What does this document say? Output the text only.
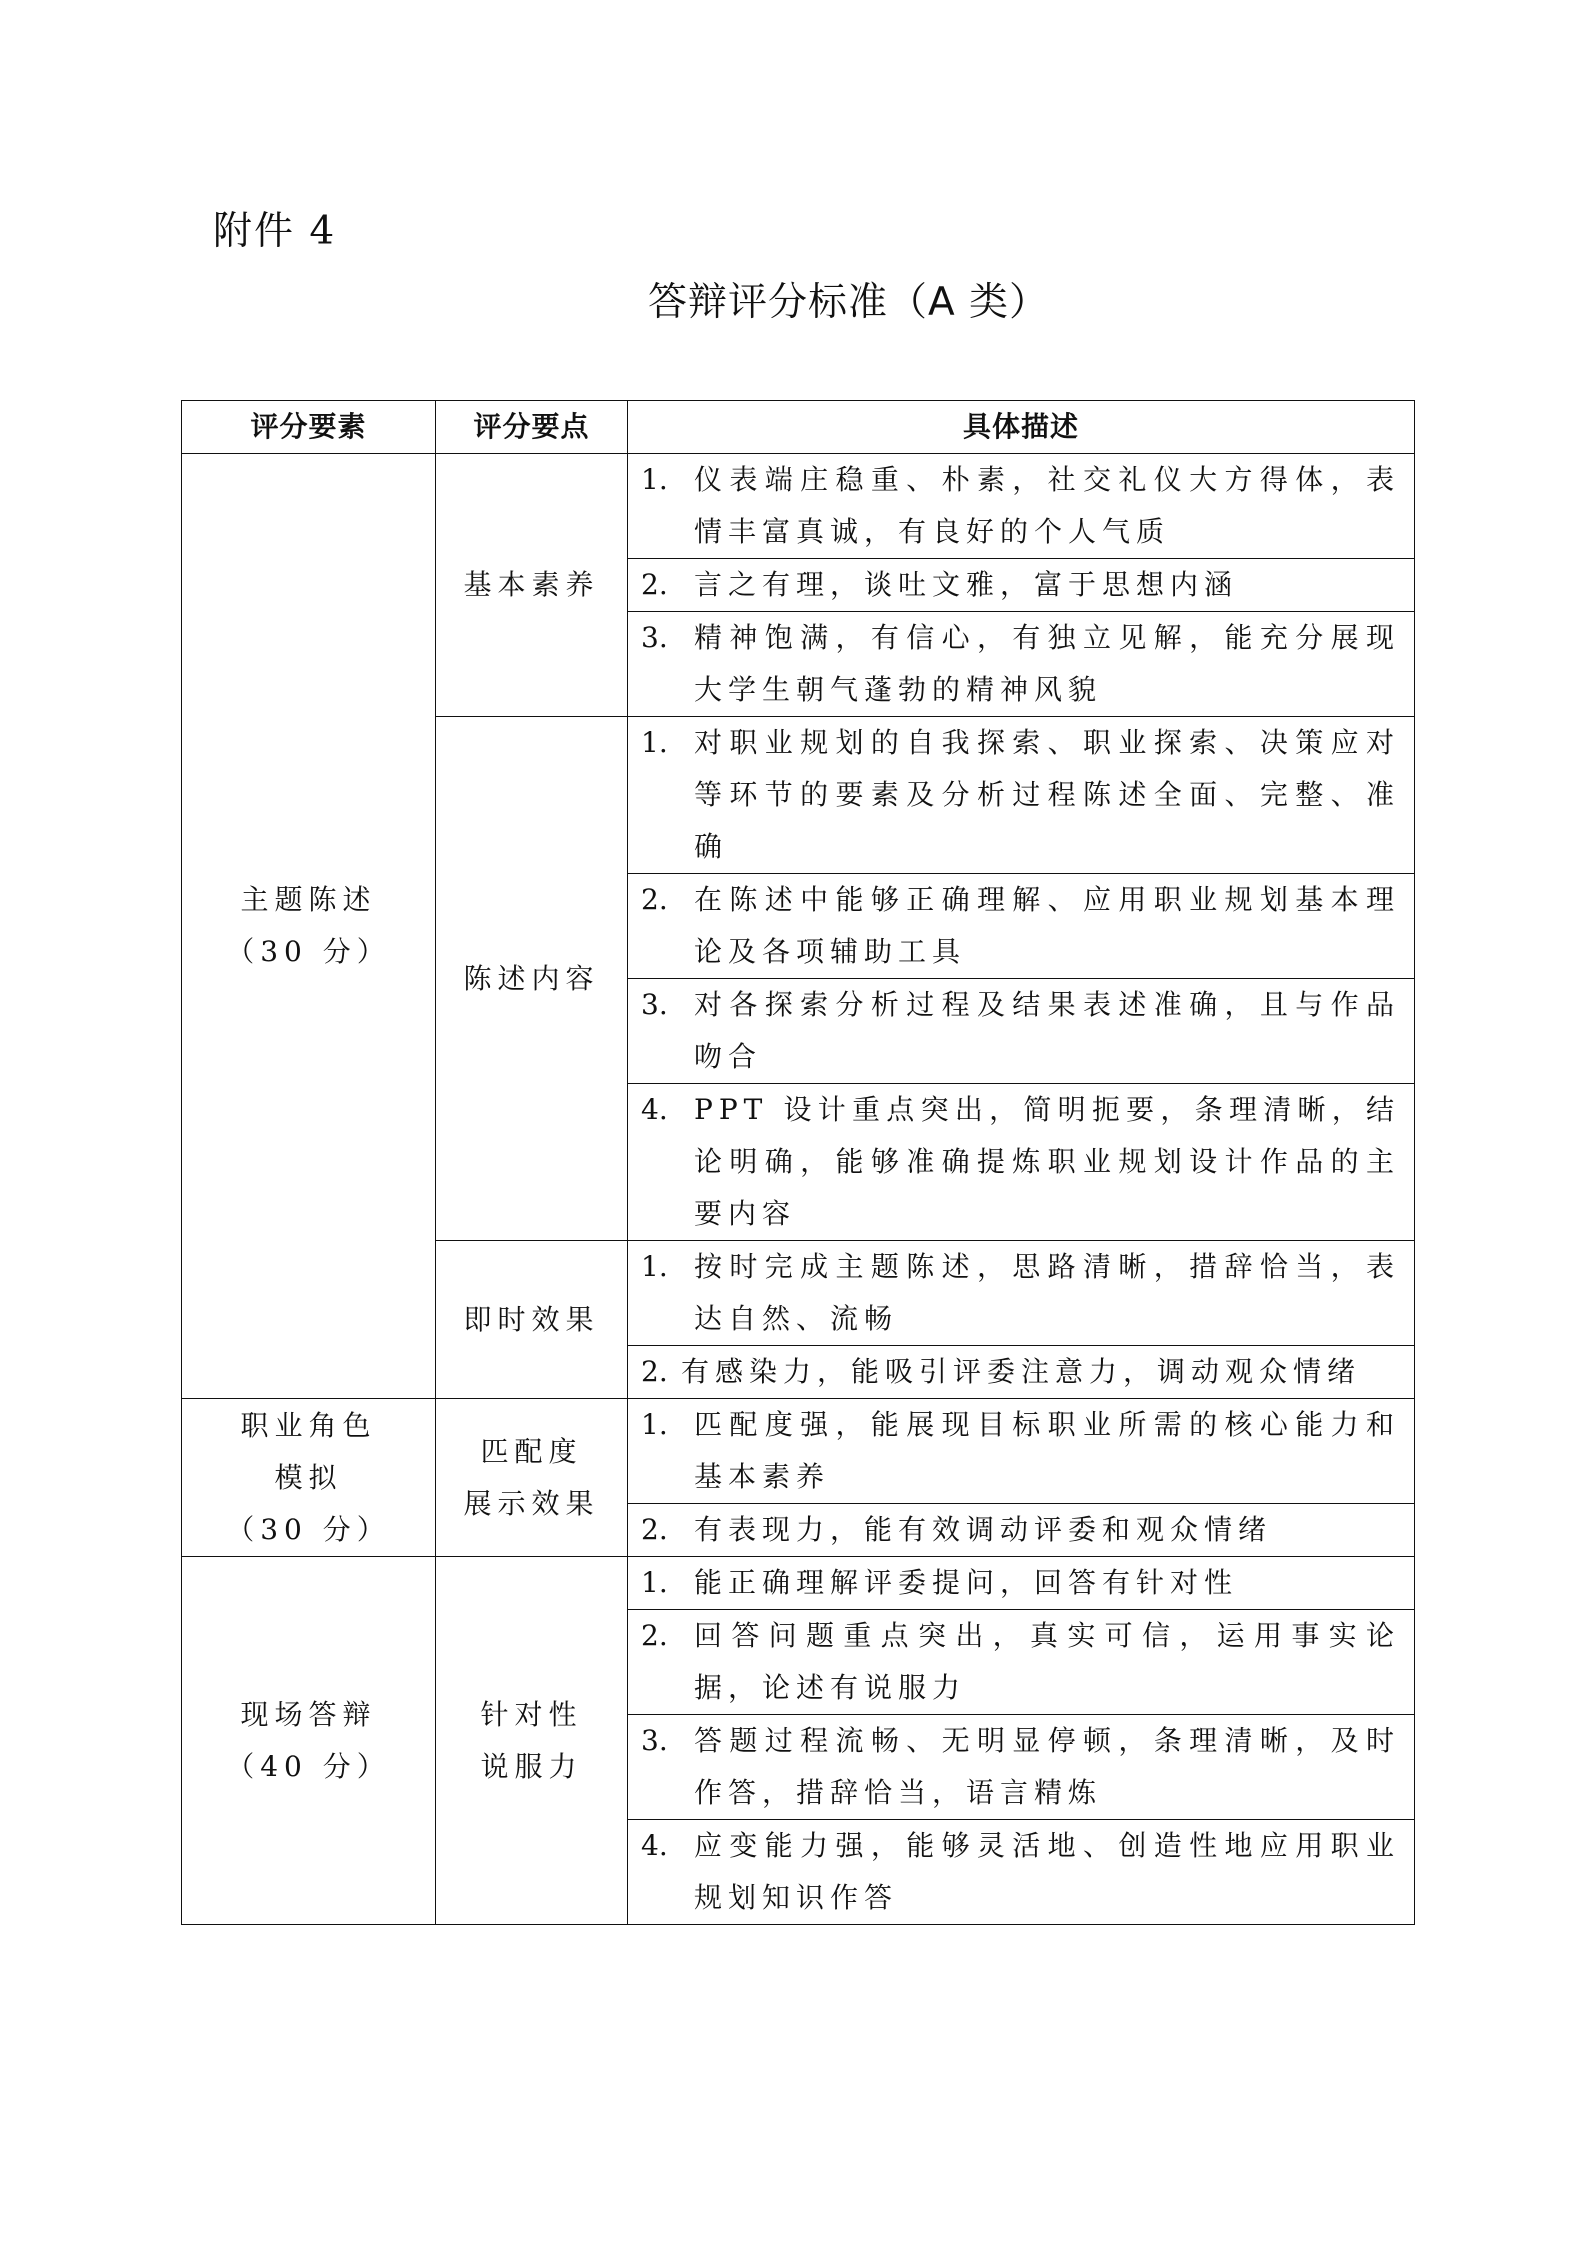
附件 4
答辩评分标准（A 类）
评分要素	评分要点	具体描述

主题陈述
（30 分）	基本素养	1. 仪表端庄稳重、朴素，社交礼仪大方得体，表情丰富真诚，有良好的个人气质

		2. 言之有理，谈吐文雅，富于思想内涵

		3. 精神饱满，有信心，有独立见解，能充分展现大学生朝气蓬勃的精神风貌

	陈述内容	1. 对职业规划的自我探索、职业探索、决策应对等环节的要素及分析过程陈述全面、完整、准确

		2. 在陈述中能够正确理解、应用职业规划基本理论及各项辅助工具

		3. 对各探索分析过程及结果表述准确，且与作品吻合

		4. PPT 设计重点突出，简明扼要，条理清晰，结论明确，能够准确提炼职业规划设计作品的主要内容

	即时效果	1. 按时完成主题陈述，思路清晰，措辞恰当，表达自然、流畅

		2. 有感染力，能吸引评委注意力，调动观众情绪

职业角色
模拟
（30 分）	匹配度
展示效果	1. 匹配度强，能展现目标职业所需的核心能力和基本素养

		2. 有表现力，能有效调动评委和观众情绪

现场答辩
（40 分）	针对性
说服力	1. 能正确理解评委提问，回答有针对性

		2. 回答问题重点突出，真实可信，运用事实论据，论述有说服力

		3. 答题过程流畅、无明显停顿，条理清晰，及时作答，措辞恰当，语言精炼

		4. 应变能力强，能够灵活地、创造性地应用职业规划知识作答
